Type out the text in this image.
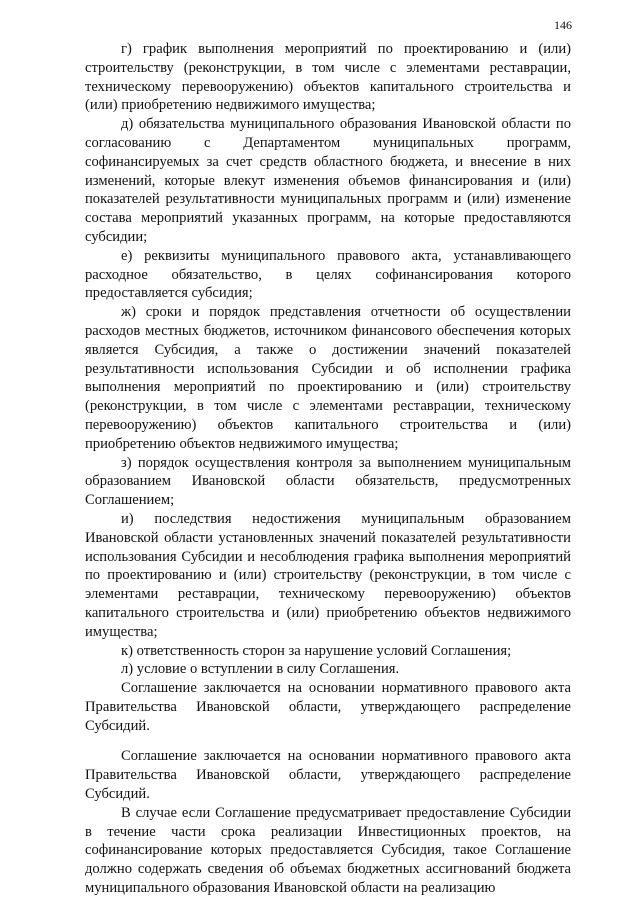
146

г) график выполнения мероприятий по проектированию и (или) строительству (реконструкции, в том числе с элементами реставрации, техническому перевооружению) объектов капитального строительства и (или) приобретению недвижимого имущества;

д) обязательства муниципального образования Ивановской области по согласованию с Департаментом муниципальных программ, софинансируемых за счет средств областного бюджета, и внесение в них изменений, которые влекут изменения объемов финансирования и (или) показателей результативности муниципальных программ и (или) изменение состава мероприятий указанных программ, на которые предоставляются субсидии;

е) реквизиты муниципального правового акта, устанавливающего расходное обязательство, в целях софинансирования которого предоставляется субсидия;

ж) сроки и порядок представления отчетности об осуществлении расходов местных бюджетов, источником финансового обеспечения которых является Субсидия, а также о достижении значений показателей результативности использования Субсидии и об исполнении графика выполнения мероприятий по проектированию и (или) строительству (реконструкции, в том числе с элементами реставрации, техническому перевооружению) объектов капитального строительства и (или) приобретению объектов недвижимого имущества;

з) порядок осуществления контроля за выполнением муниципальным образованием Ивановской области обязательств, предусмотренных Соглашением;

и) последствия недостижения муниципальным образованием Ивановской области установленных значений показателей результативности использования Субсидии и несоблюдения графика выполнения мероприятий по проектированию и (или) строительству (реконструкции, в том числе с элементами реставрации, техническому перевооружению) объектов капитального строительства и (или) приобретению объектов недвижимого имущества;

к) ответственность сторон за нарушение условий Соглашения;

л) условие о вступлении в силу Соглашения.

Соглашение заключается на основании нормативного правового акта Правительства Ивановской области, утверждающего распределение Субсидий.

Соглашение заключается на основании нормативного правового акта Правительства Ивановской области, утверждающего распределение Субсидий.

В случае если Соглашение предусматривает предоставление Субсидии в течение части срока реализации Инвестиционных проектов, на софинансирование которых предоставляется Субсидия, такое Соглашение должно содержать сведения об объемах бюджетных ассигнований бюджета муниципального образования Ивановской области на реализацию
